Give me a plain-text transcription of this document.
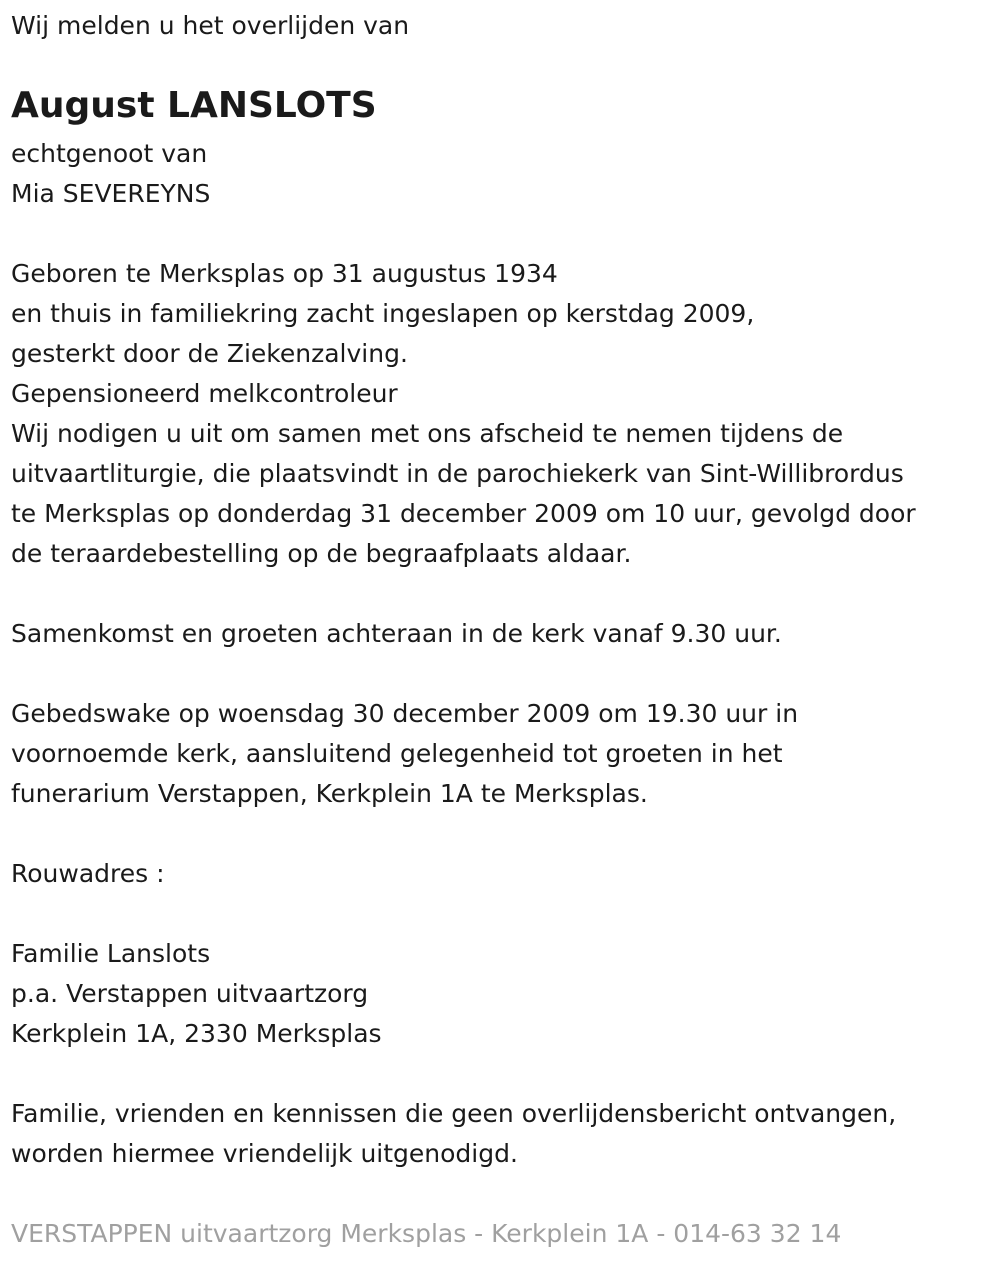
Wij melden u het overlijden van
August LANSLOTS
echtgenoot van
Mia SEVEREYNS
Geboren te Merksplas op 31 augustus 1934
en thuis in familiekring zacht ingeslapen op kerstdag 2009,
gesterkt door de Ziekenzalving.
Gepensioneerd melkcontroleur
Wij nodigen u uit om samen met ons afscheid te nemen tijdens de
uitvaartliturgie, die plaatsvindt in de parochiekerk van Sint-Willibrordus
te Merksplas op donderdag 31 december 2009 om 10 uur, gevolgd door
de teraardebestelling op de begraafplaats aldaar.
Samenkomst en groeten achteraan in de kerk vanaf 9.30 uur.
Gebedswake op woensdag 30 december 2009 om 19.30 uur in
voornoemde kerk, aansluitend gelegenheid tot groeten in het
funerarium Verstappen, Kerkplein 1A te Merksplas.
Rouwadres :
Familie Lanslots
p.a. Verstappen uitvaartzorg
Kerkplein 1A, 2330 Merksplas
Familie, vrienden en kennissen die geen overlijdensbericht ontvangen,
worden hiermee vriendelijk uitgenodigd.
VERSTAPPEN uitvaartzorg Merksplas - Kerkplein 1A - 014-63 32 14
